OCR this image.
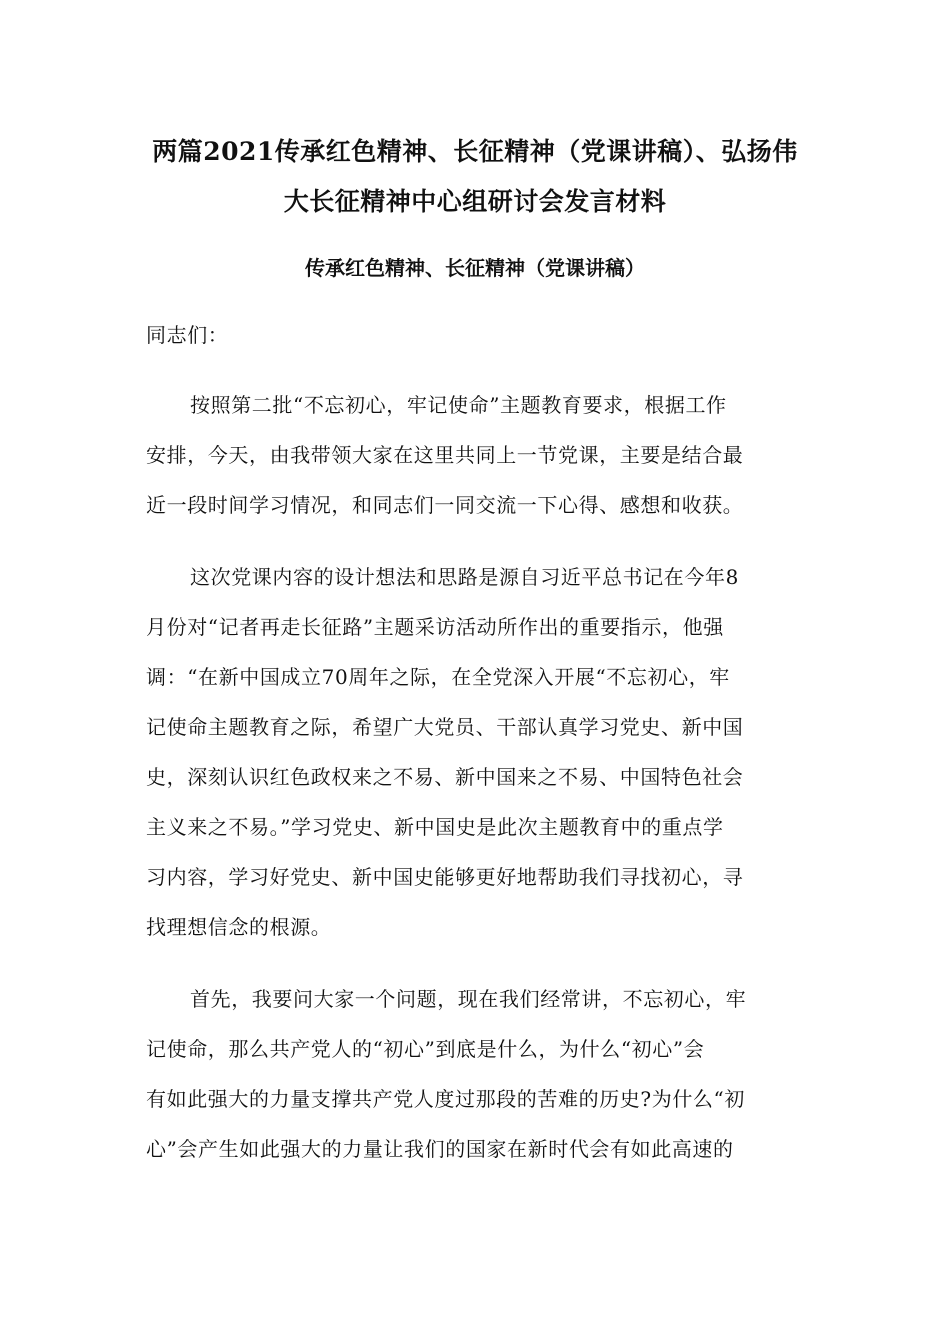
两篇2021传承红色精神、长征精神（党课讲稿）、弘扬伟
大长征精神中心组研讨会发言材料
传承红色精神、长征精神（党课讲稿）
同志们：
按照第二批“不忘初心，牢记使命”主题教育要求，根据工作
安排，今天，由我带领大家在这里共同上一节党课，主要是结合最
近一段时间学习情况，和同志们一同交流一下心得、感想和收获。
这次党课内容的设计想法和思路是源自习近平总书记在今年8
月份对“记者再走长征路”主题采访活动所作出的重要指示，他强
调：“在新中国成立70周年之际，在全党深入开展“不忘初心，牢
记使命主题教育之际，希望广大党员、干部认真学习党史、新中国
史，深刻认识红色政权来之不易、新中国来之不易、中国特色社会
主义来之不易。”学习党史、新中国史是此次主题教育中的重点学
习内容，学习好党史、新中国史能够更好地帮助我们寻找初心，寻
找理想信念的根源。
首先，我要问大家一个问题，现在我们经常讲，不忘初心，牢
记使命，那么共产党人的“初心”到底是什么，为什么“初心”会
有如此强大的力量支撑共产党人度过那段的苦难的历史?为什么“初
心”会产生如此强大的力量让我们的国家在新时代会有如此高速的
